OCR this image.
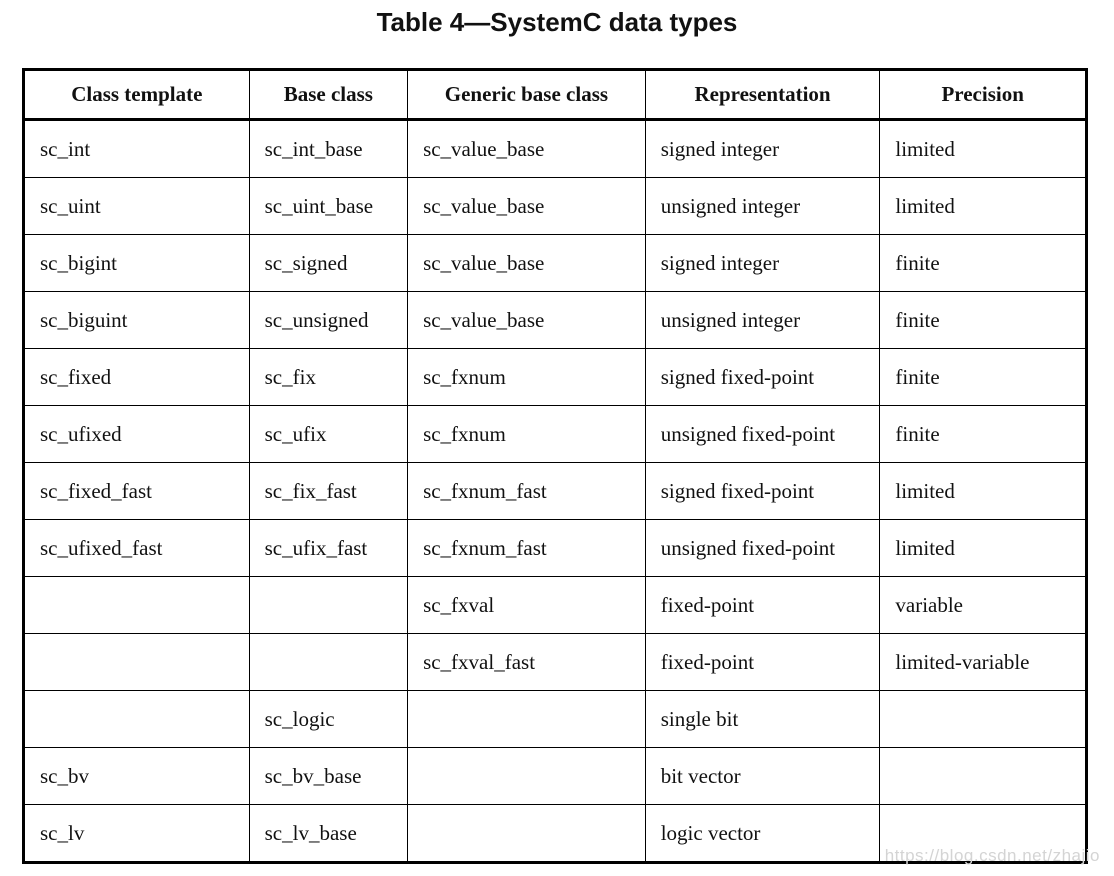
Table 4—SystemC data types
Class template	Base class	Generic base class	Representation	Precision
sc_int	sc_int_base	sc_value_base	signed integer	limited
sc_uint	sc_uint_base	sc_value_base	unsigned integer	limited
sc_bigint	sc_signed	sc_value_base	signed integer	finite
sc_biguint	sc_unsigned	sc_value_base	unsigned integer	finite
sc_fixed	sc_fix	sc_fxnum	signed fixed-point	finite
sc_ufixed	sc_ufix	sc_fxnum	unsigned fixed-point	finite
sc_fixed_fast	sc_fix_fast	sc_fxnum_fast	signed fixed-point	limited
sc_ufixed_fast	sc_ufix_fast	sc_fxnum_fast	unsigned fixed-point	limited
		sc_fxval	fixed-point	variable
		sc_fxval_fast	fixed-point	limited-variable
	sc_logic		single bit	
sc_bv	sc_bv_base		bit vector	
sc_lv	sc_lv_base		logic vector	
https://blog.csdn.net/zhajio
